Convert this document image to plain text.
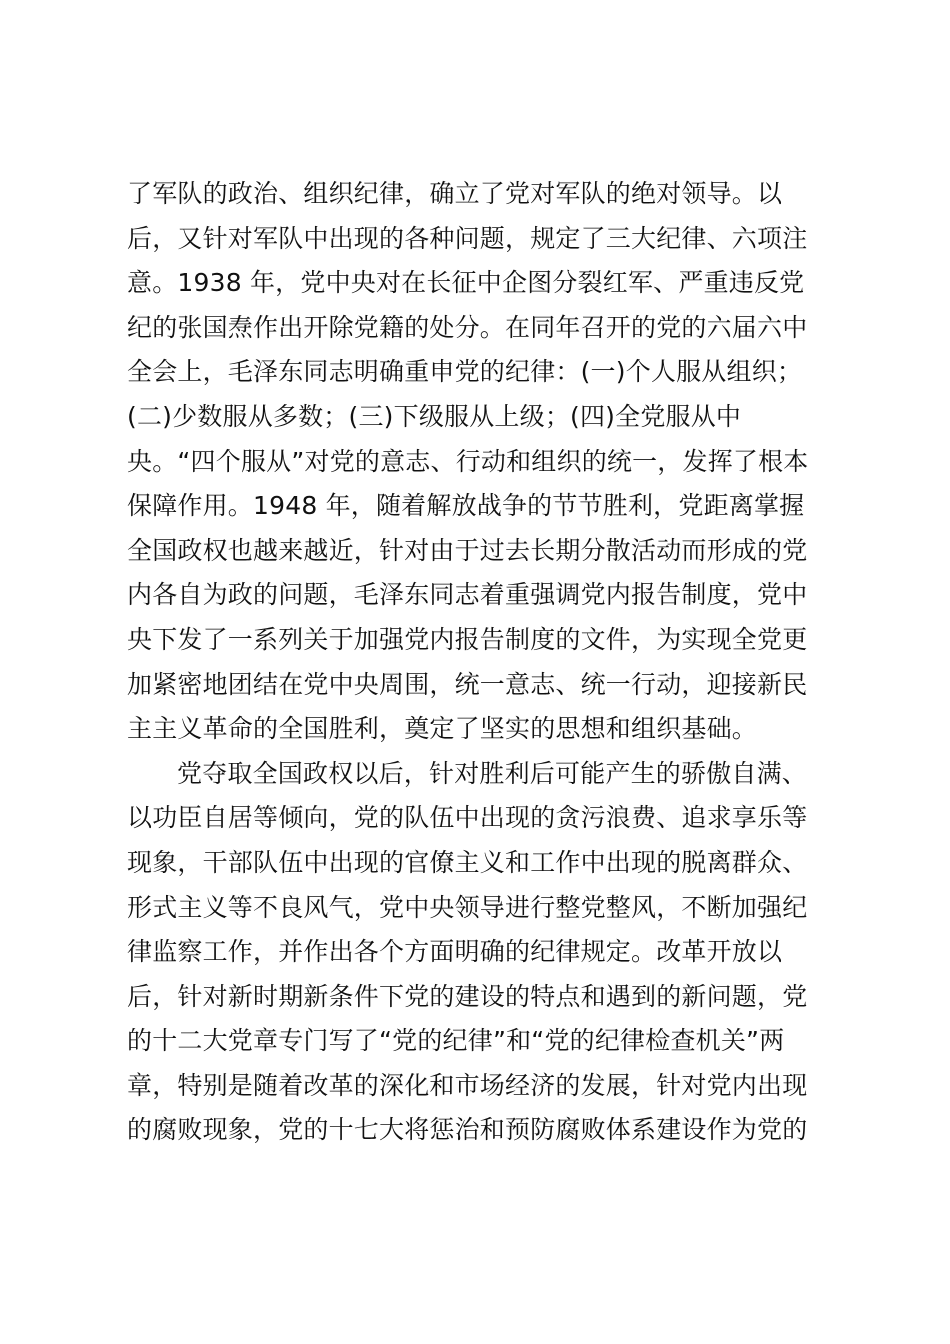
了军队的政治、组织纪律，确立了党对军队的绝对领导。以
后，又针对军队中出现的各种问题，规定了三大纪律、六项注
意。1938 年，党中央对在长征中企图分裂红军、严重违反党
纪的张国焘作出开除党籍的处分。在同年召开的党的六届六中
全会上，毛泽东同志明确重申党的纪律：(一)个人服从组织；
(二)少数服从多数；(三)下级服从上级；(四)全党服从中
央。“四个服从”对党的意志、行动和组织的统一，发挥了根本
保障作用。1948 年，随着解放战争的节节胜利，党距离掌握
全国政权也越来越近，针对由于过去长期分散活动而形成的党
内各自为政的问题，毛泽东同志着重强调党内报告制度，党中
央下发了一系列关于加强党内报告制度的文件，为实现全党更
加紧密地团结在党中央周围，统一意志、统一行动，迎接新民
主主义革命的全国胜利，奠定了坚实的思想和组织基础。
党夺取全国政权以后，针对胜利后可能产生的骄傲自满、
以功臣自居等倾向，党的队伍中出现的贪污浪费、追求享乐等
现象，干部队伍中出现的官僚主义和工作中出现的脱离群众、
形式主义等不良风气，党中央领导进行整党整风，不断加强纪
律监察工作，并作出各个方面明确的纪律规定。改革开放以
后，针对新时期新条件下党的建设的特点和遇到的新问题，党
的十二大党章专门写了“党的纪律”和“党的纪律检查机关”两
章，特别是随着改革的深化和市场经济的发展，针对党内出现
的腐败现象，党的十七大将惩治和预防腐败体系建设作为党的
